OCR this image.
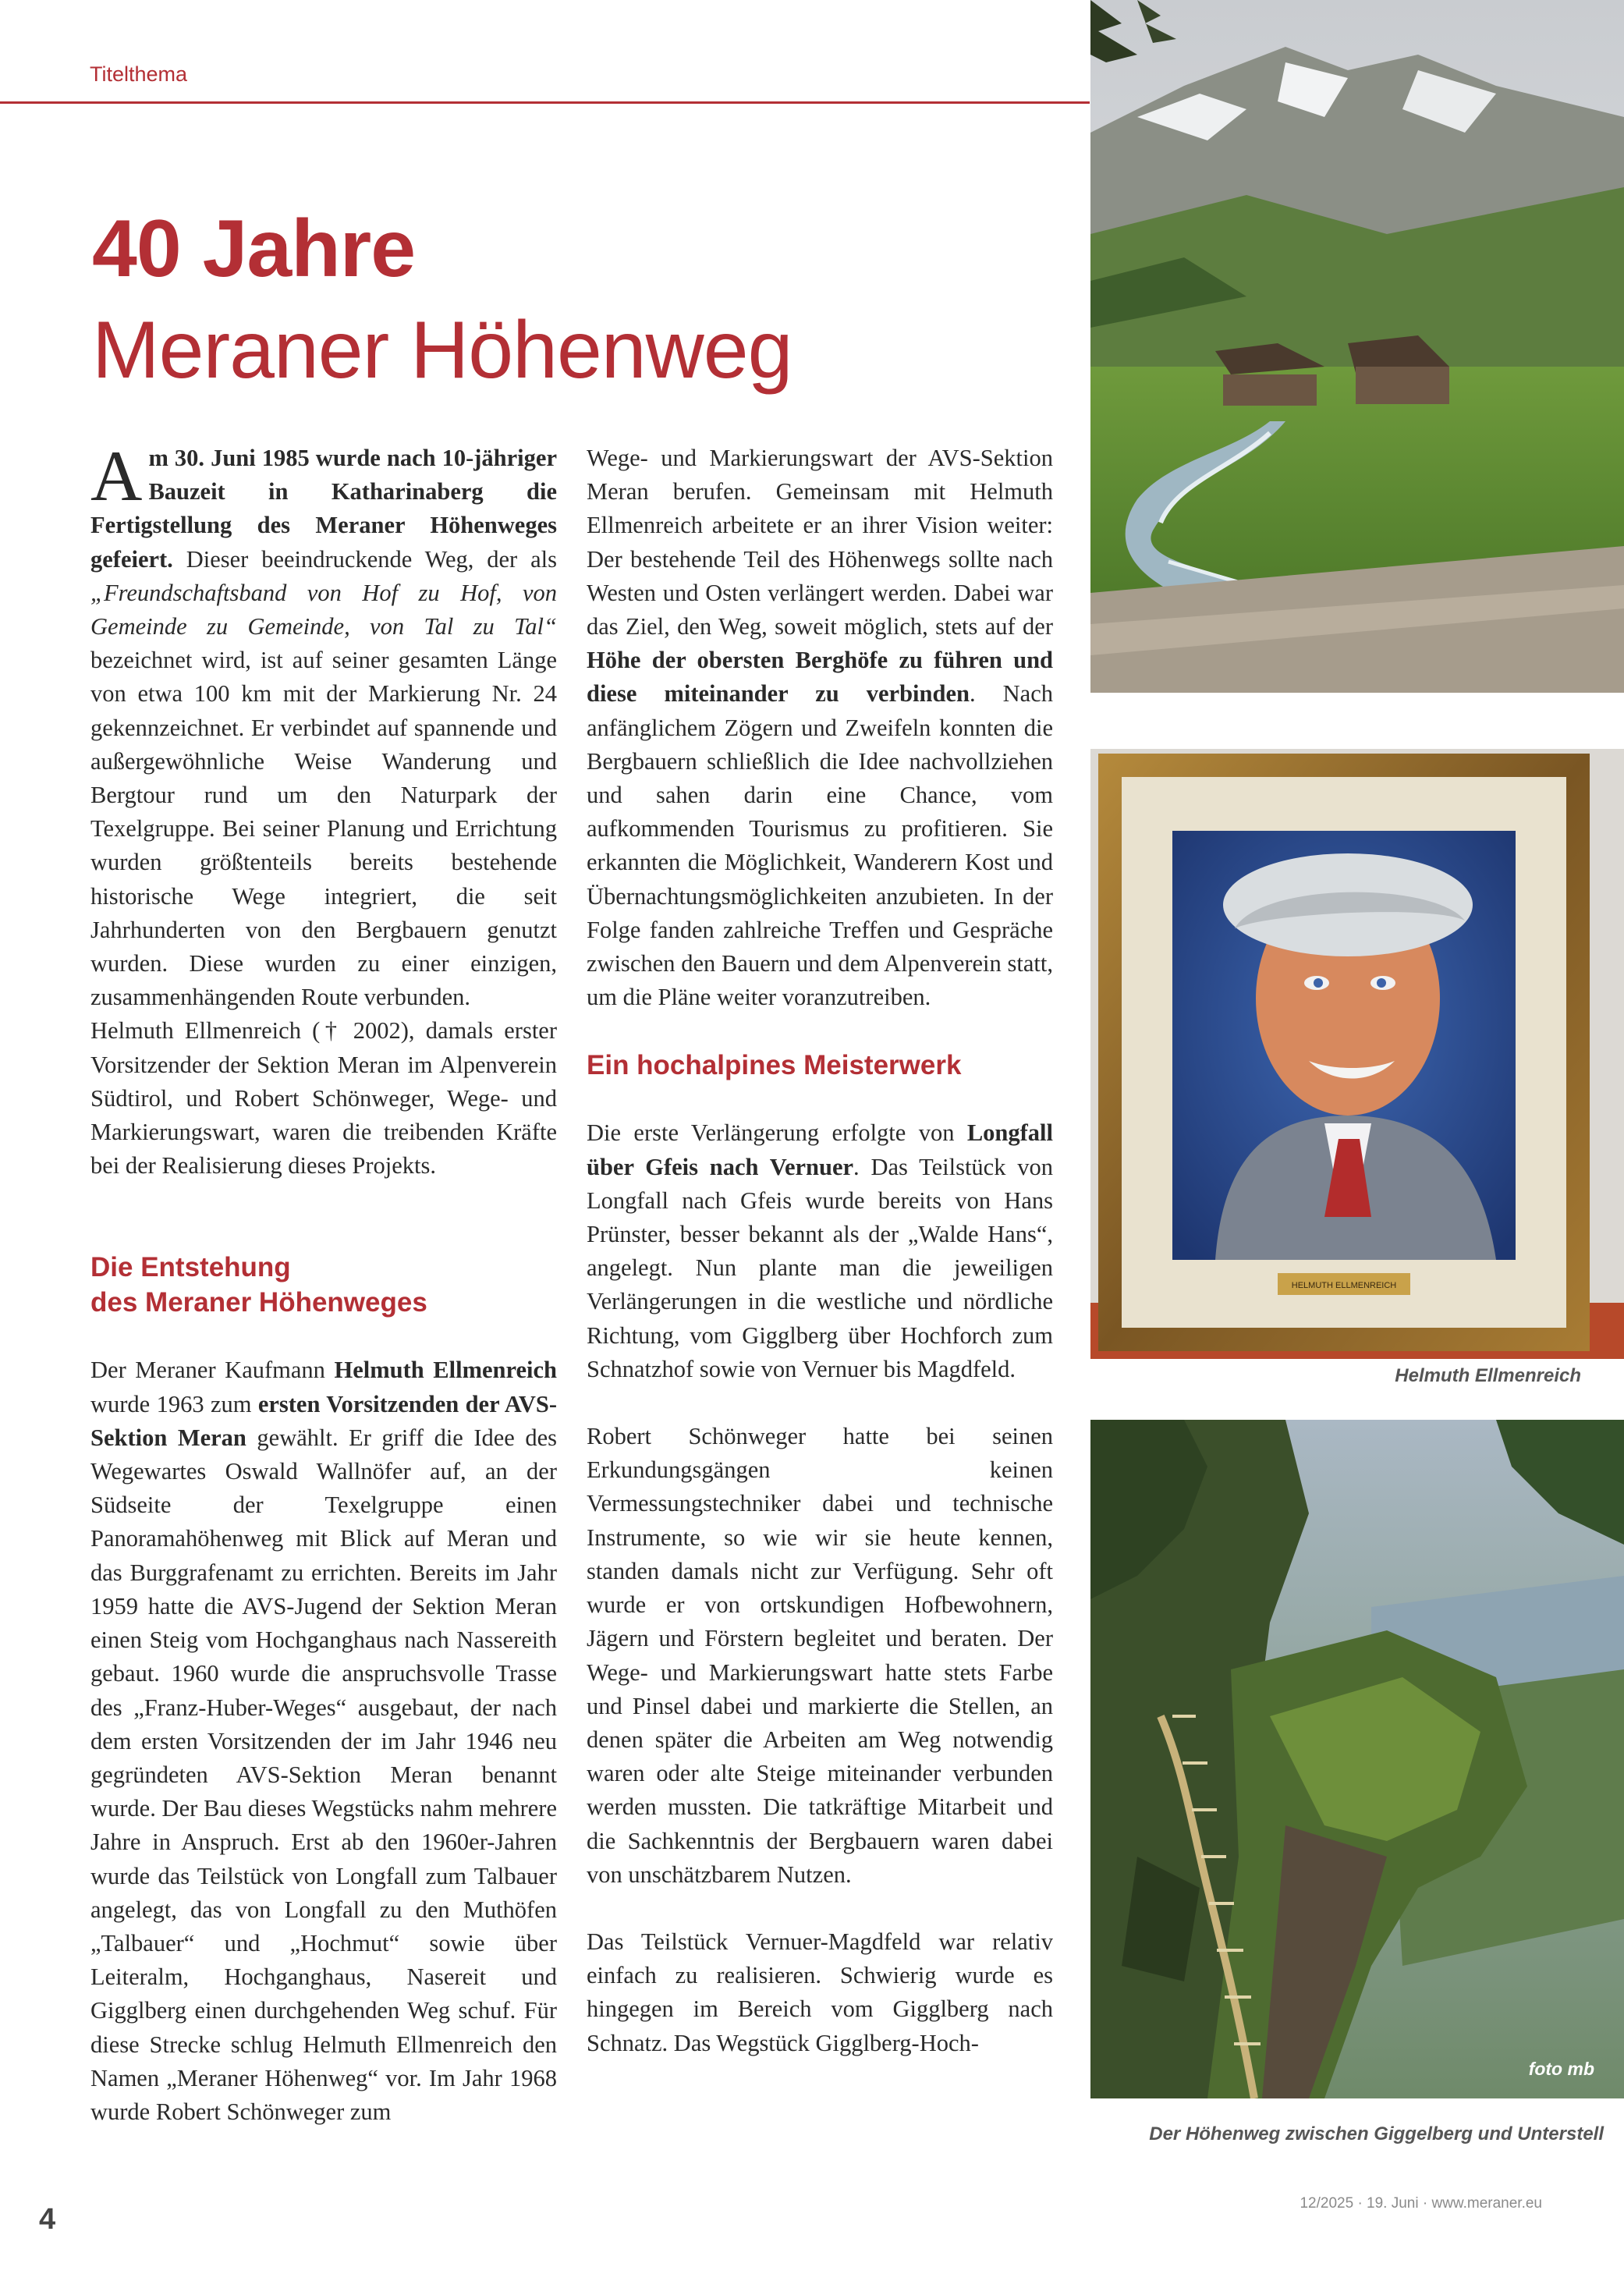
Titelthema
40 Jahre
Meraner Höhenweg

Am 30. Juni 1985 wurde nach 10-jähriger Bauzeit in Katharinaberg die Fertigstellung des Meraner Höhenweges gefeiert. Dieser beeindruckende Weg, der als „Freundschaftsband von Hof zu Hof, von Gemeinde zu Gemeinde, von Tal zu Tal“ bezeichnet wird, ist auf seiner gesamten Länge von etwa 100 km mit der Markierung Nr. 24 gekennzeichnet. Er verbindet auf spannende und außergewöhnliche Weise Wanderung und Bergtour rund um den Naturpark der Texelgruppe. Bei seiner Planung und Errichtung wurden größtenteils bereits bestehende historische Wege integriert, die seit Jahrhunderten von den Bergbauern genutzt wurden. Diese wurden zu einer einzigen, zusammenhängenden Route verbunden.

Helmuth Ellmenreich († 2002), damals erster Vorsitzender der Sektion Meran im Alpenverein Südtirol, und Robert Schönweger, Wege- und Markierungswart, waren die treibenden Kräfte bei der Realisierung dieses Projekts.

Die Entstehung
des Meraner Höhenweges

Der Meraner Kaufmann Helmuth Ellmenreich wurde 1963 zum ersten Vorsitzenden der AVS-Sektion Meran gewählt. Er griff die Idee des Wegewartes Oswald Wallnöfer auf, an der Südseite der Texelgruppe einen Panoramahöhenweg mit Blick auf Meran und das Burggrafenamt zu errichten. Bereits im Jahr 1959 hatte die AVS-Jugend der Sektion Meran einen Steig vom Hochganghaus nach Nassereith gebaut. 1960 wurde die anspruchsvolle Trasse des „Franz-Huber-Weges“ ausgebaut, der nach dem ersten Vorsitzenden der im Jahr 1946 neu gegründeten AVS-Sektion Meran benannt wurde. Der Bau dieses Wegstücks nahm mehrere Jahre in Anspruch. Erst ab den 1960er-Jahren wurde das Teilstück von Longfall zum Talbauer angelegt, das von Longfall zu den Muthöfen „Talbauer“ und „Hochmut“ sowie über Leiteralm, Hochganghaus, Nasereit und Gigglberg einen durchgehenden Weg schuf. Für diese Strecke schlug Helmuth Ellmenreich den Namen „Meraner Höhenweg“ vor. Im Jahr 1968 wurde Robert Schönweger zum

Wege- und Markierungswart der AVS-Sektion Meran berufen. Gemeinsam mit Helmuth Ellmenreich arbeitete er an ihrer Vision weiter: Der bestehende Teil des Höhenwegs sollte nach Westen und Osten verlängert werden. Dabei war das Ziel, den Weg, soweit möglich, stets auf der Höhe der obersten Berghöfe zu führen und diese miteinander zu verbinden. Nach anfänglichem Zögern und Zweifeln konnten die Bergbauern schließlich die Idee nachvollziehen und sahen darin eine Chance, vom aufkommenden Tourismus zu profitieren. Sie erkannten die Möglichkeit, Wanderern Kost und Übernachtungsmöglichkeiten anzubieten. In der Folge fanden zahlreiche Treffen und Gespräche zwischen den Bauern und dem Alpenverein statt, um die Pläne weiter voranzutreiben.

Ein hochalpines Meisterwerk

Die erste Verlängerung erfolgte von Longfall über Gfeis nach Vernuer. Das Teilstück von Longfall nach Gfeis wurde bereits von Hans Prünster, besser bekannt als der „Walde Hans“, angelegt. Nun plante man die jeweiligen Verlängerungen in die westliche und nördliche Richtung, vom Gigglberg über Hochforch zum Schnatzhof sowie von Vernuer bis Magdfeld.

Robert Schönweger hatte bei seinen Erkundungsgängen keinen Vermessungstechniker dabei und technische Instrumente, so wie wir sie heute kennen, standen damals nicht zur Verfügung. Sehr oft wurde er von ortskundigen Hofbewohnern, Jägern und Förstern begleitet und beraten. Der Wege- und Markierungswart hatte stets Farbe und Pinsel dabei und markierte die Stellen, an denen später die Arbeiten am Weg notwendig waren oder alte Steige miteinander verbunden werden mussten. Die tatkräftige Mitarbeit und die Sachkenntnis der Bergbauern waren dabei von unschätzbarem Nutzen.

Das Teilstück Vernuer-Magdfeld war relativ einfach zu realisieren. Schwierig wurde es hingegen im Bereich vom Gigglberg nach Schnatz. Das Wegstück Gigglberg-Hoch-

HELMUTH ELLMENREICH
Helmuth Ellmenreich
foto mb
Der Höhenweg zwischen Giggelberg und Unterstell
4	12/2025 · 19. Juni · www.meraner.eu
